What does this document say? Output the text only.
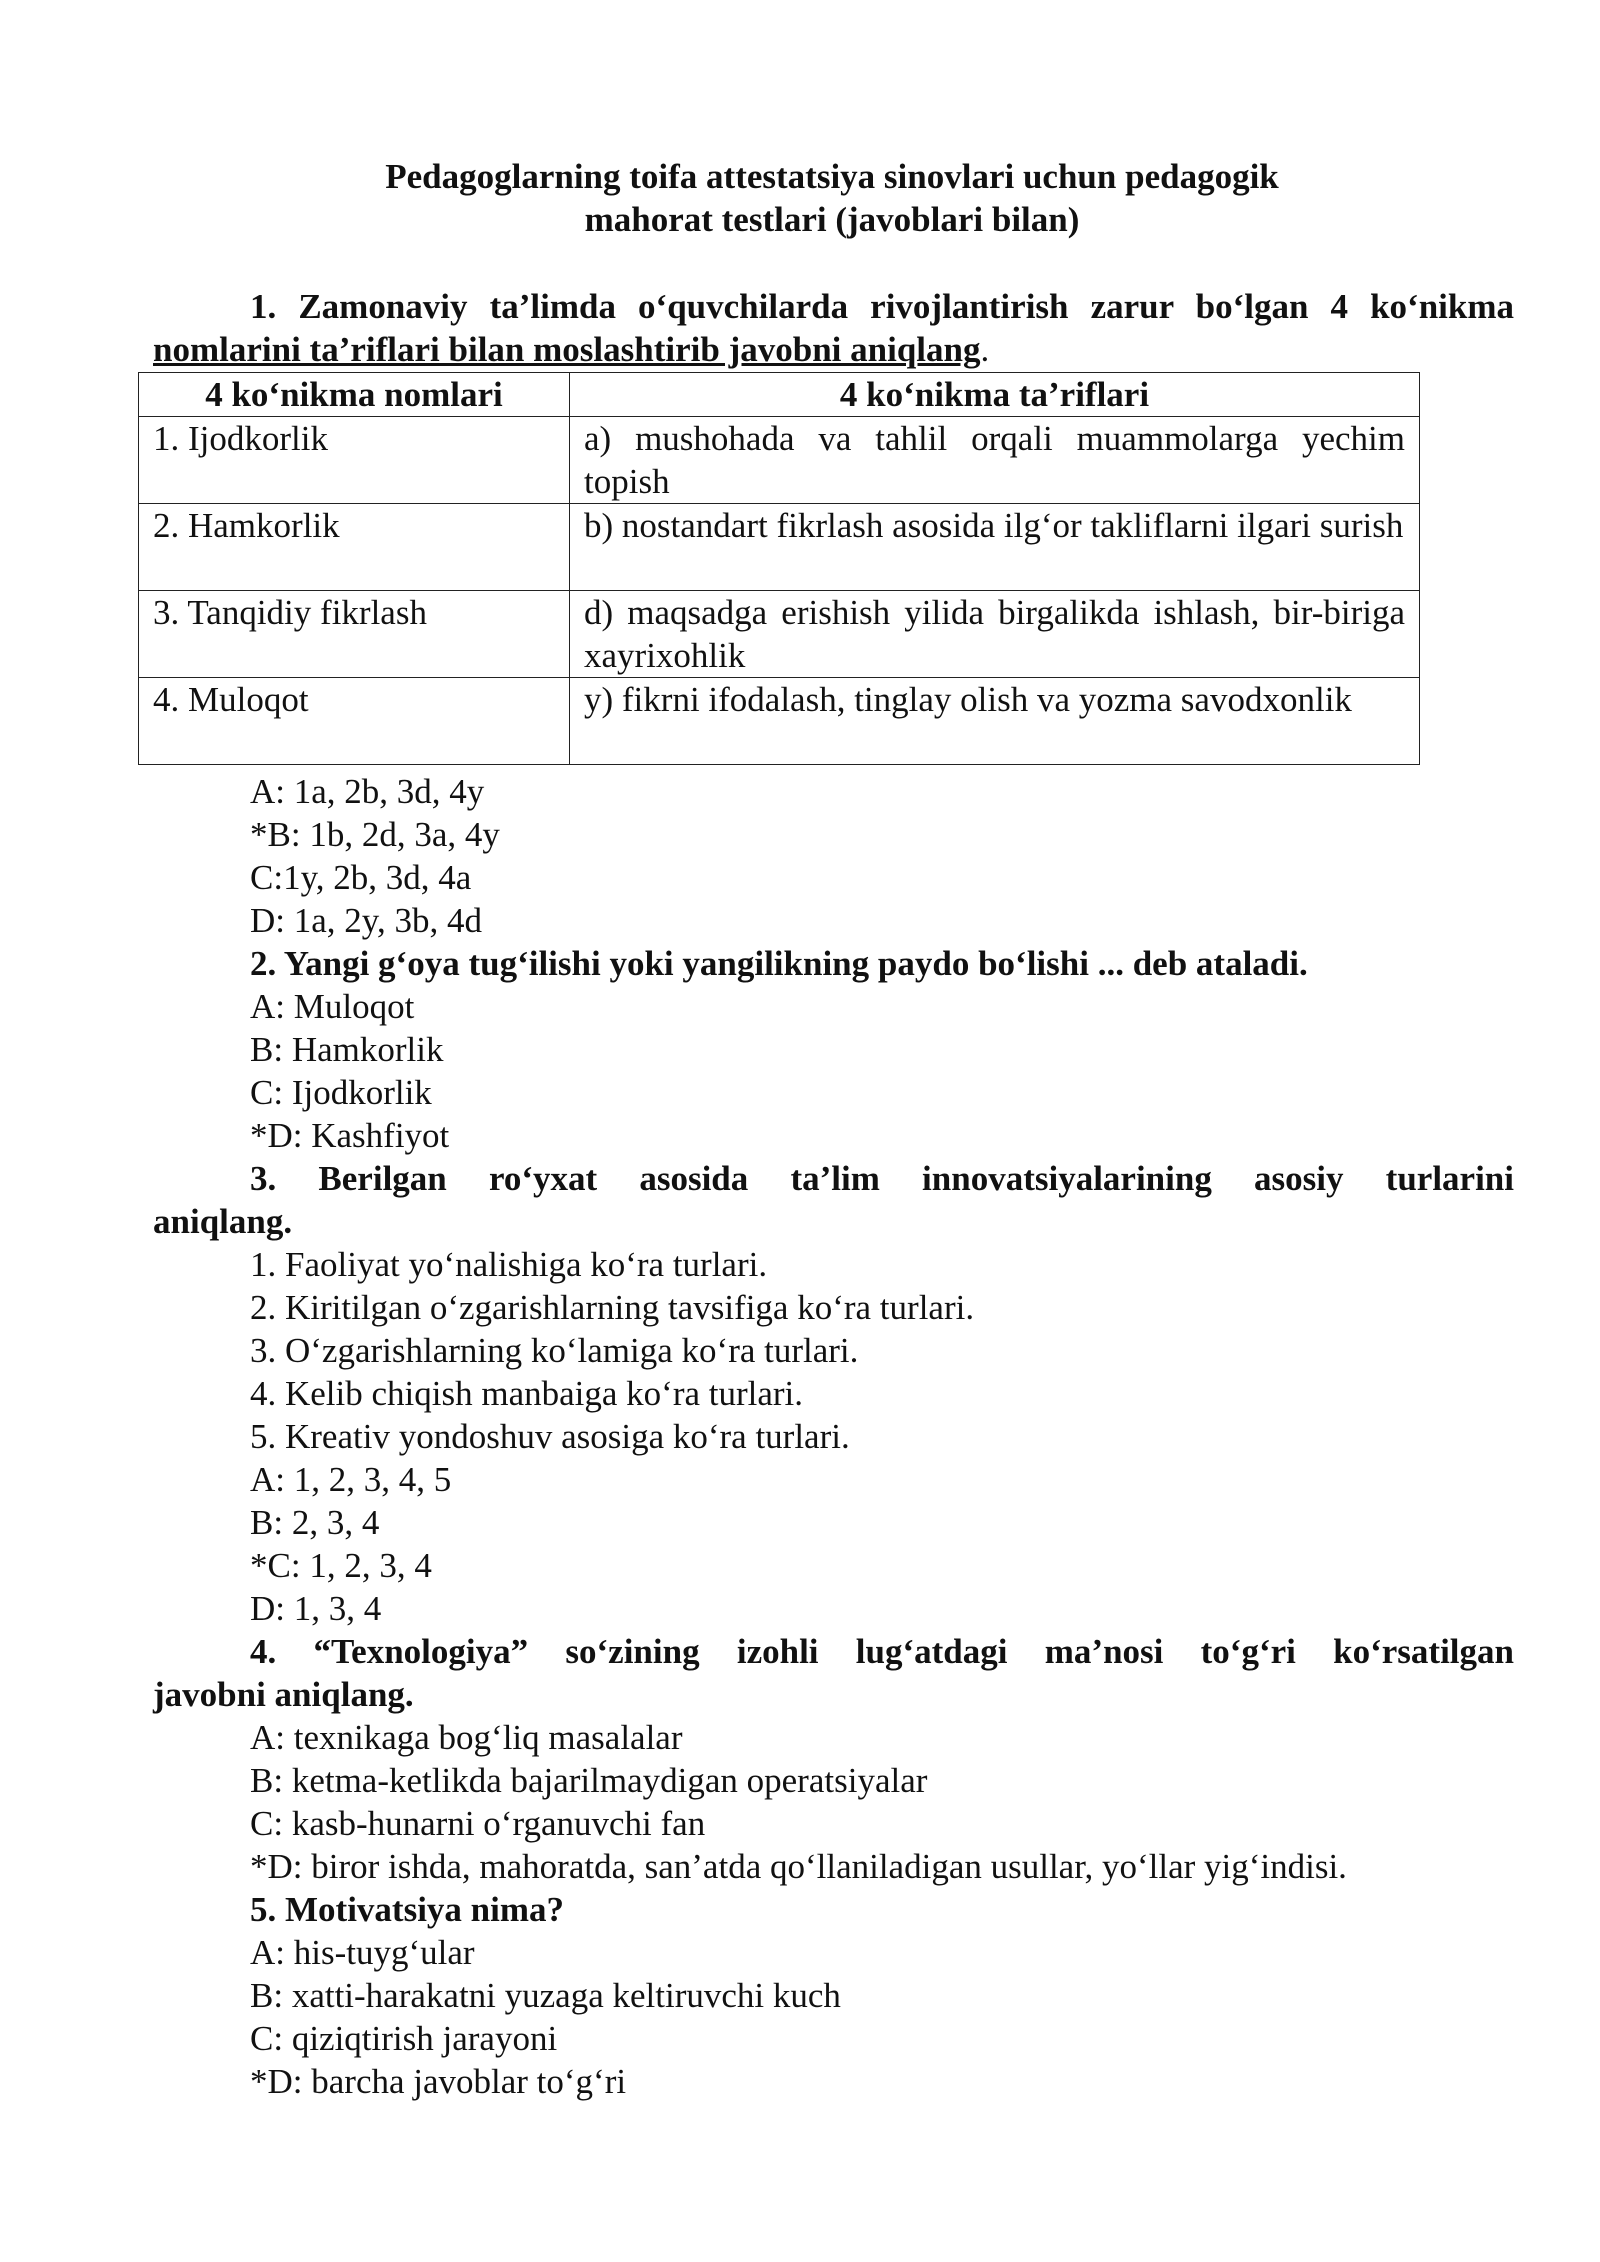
Pedagoglarning toifa attestatsiya sinovlari uchun pedagogik
mahorat testlari (javoblari bilan)
1. Zamonaviy ta’limda o‘quvchilarda rivojlantirish zarur bo‘lgan 4 ko‘nikma
nomlarini ta’riflari bilan moslashtirib javobni aniqlang.
4 ko‘nikma nomlari	4 ko‘nikma ta’riflari
1. Ijodkorlik	a) mushohada va tahlil orqali muammolarga yechim topish
2. Hamkorlik	b) nostandart fikrlash asosida ilg‘or takliflarni ilgari surish
3. Tanqidiy fikrlash	d) maqsadga erishish yilida birgalikda ishlash, bir-biriga xayrixohlik
4. Muloqot	y) fikrni ifodalash, tinglay olish va yozma savodxonlik
A: 1a, 2b, 3d, 4y
*B: 1b, 2d, 3a, 4y
C:1y, 2b, 3d, 4a
D: 1a, 2y, 3b, 4d
2. Yangi g‘oya tug‘ilishi yoki yangilikning paydo bo‘lishi ... deb ataladi.
A: Muloqot
B: Hamkorlik
C: Ijodkorlik
*D: Kashfiyot
3. Berilgan ro‘yxat asosida ta’lim innovatsiyalarining asosiy turlarini
aniqlang.
1. Faoliyat yo‘nalishiga ko‘ra turlari.
2. Kiritilgan o‘zgarishlarning tavsifiga ko‘ra turlari.
3. O‘zgarishlarning ko‘lamiga ko‘ra turlari.
4. Kelib chiqish manbaiga ko‘ra turlari.
5. Kreativ yondoshuv asosiga ko‘ra turlari.
A: 1, 2, 3, 4, 5
B: 2, 3, 4
*C: 1, 2, 3, 4
D: 1, 3, 4
4. “Texnologiya” so‘zining izohli lug‘atdagi ma’nosi to‘g‘ri ko‘rsatilgan
javobni aniqlang.
A: texnikaga bog‘liq masalalar
B: ketma-ketlikda bajarilmaydigan operatsiyalar
C: kasb-hunarni o‘rganuvchi fan
*D: biror ishda, mahoratda, san’atda qo‘llaniladigan usullar, yo‘llar yig‘indisi.
5. Motivatsiya nima?
A: his-tuyg‘ular
B: xatti-harakatni yuzaga keltiruvchi kuch
C: qiziqtirish jarayoni
*D: barcha javoblar to‘g‘ri
